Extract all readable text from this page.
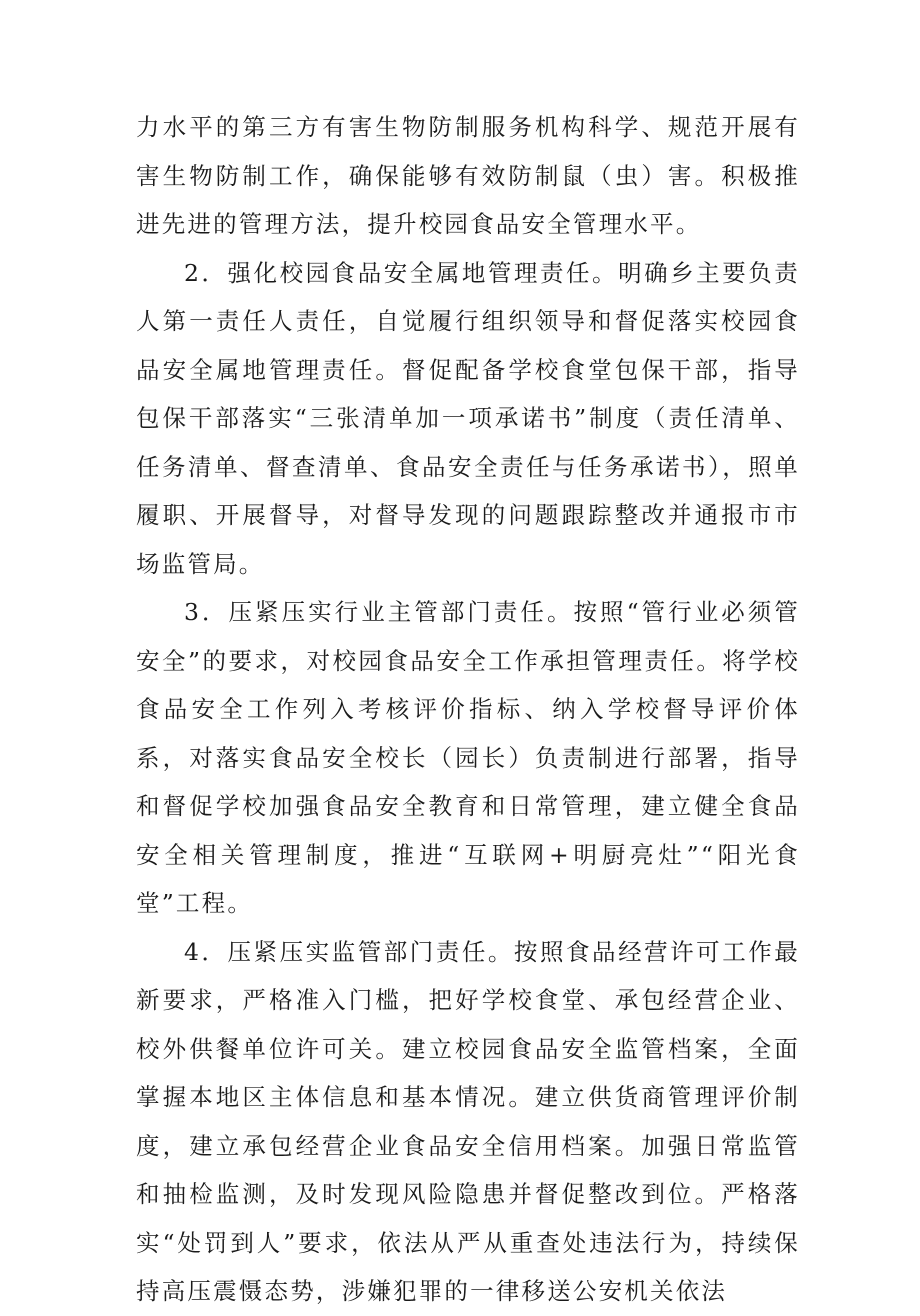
力水平的第三方有害生物防制服务机构科学、规范开展有害生物防制工作，确保能够有效防制鼠（虫）害。积极推进先进的管理方法，提升校园食品安全管理水平。

2．强化校园食品安全属地管理责任。明确乡主要负责人第一责任人责任，自觉履行组织领导和督促落实校园食品安全属地管理责任。督促配备学校食堂包保干部，指导包保干部落实“三张清单加一项承诺书”制度（责任清单、任务清单、督查清单、食品安全责任与任务承诺书），照单履职、开展督导，对督导发现的问题跟踪整改并通报市市场监管局。

3．压紧压实行业主管部门责任。按照“管行业必须管安全”的要求，对校园食品安全工作承担管理责任。将学校食品安全工作列入考核评价指标、纳入学校督导评价体系，对落实食品安全校长（园长）负责制进行部署，指导和督促学校加强食品安全教育和日常管理，建立健全食品安全相关管理制度，推进“互联网+明厨亮灶”“阳光食堂”工程。

4．压紧压实监管部门责任。按照食品经营许可工作最新要求，严格准入门槛，把好学校食堂、承包经营企业、校外供餐单位许可关。建立校园食品安全监管档案，全面掌握本地区主体信息和基本情况。建立供货商管理评价制度，建立承包经营企业食品安全信用档案。加强日常监管和抽检监测，及时发现风险隐患并督促整改到位。严格落实“处罚到人”要求，依法从严从重查处违法行为，持续保持高压震慑态势，涉嫌犯罪的一律移送公安机关依法
